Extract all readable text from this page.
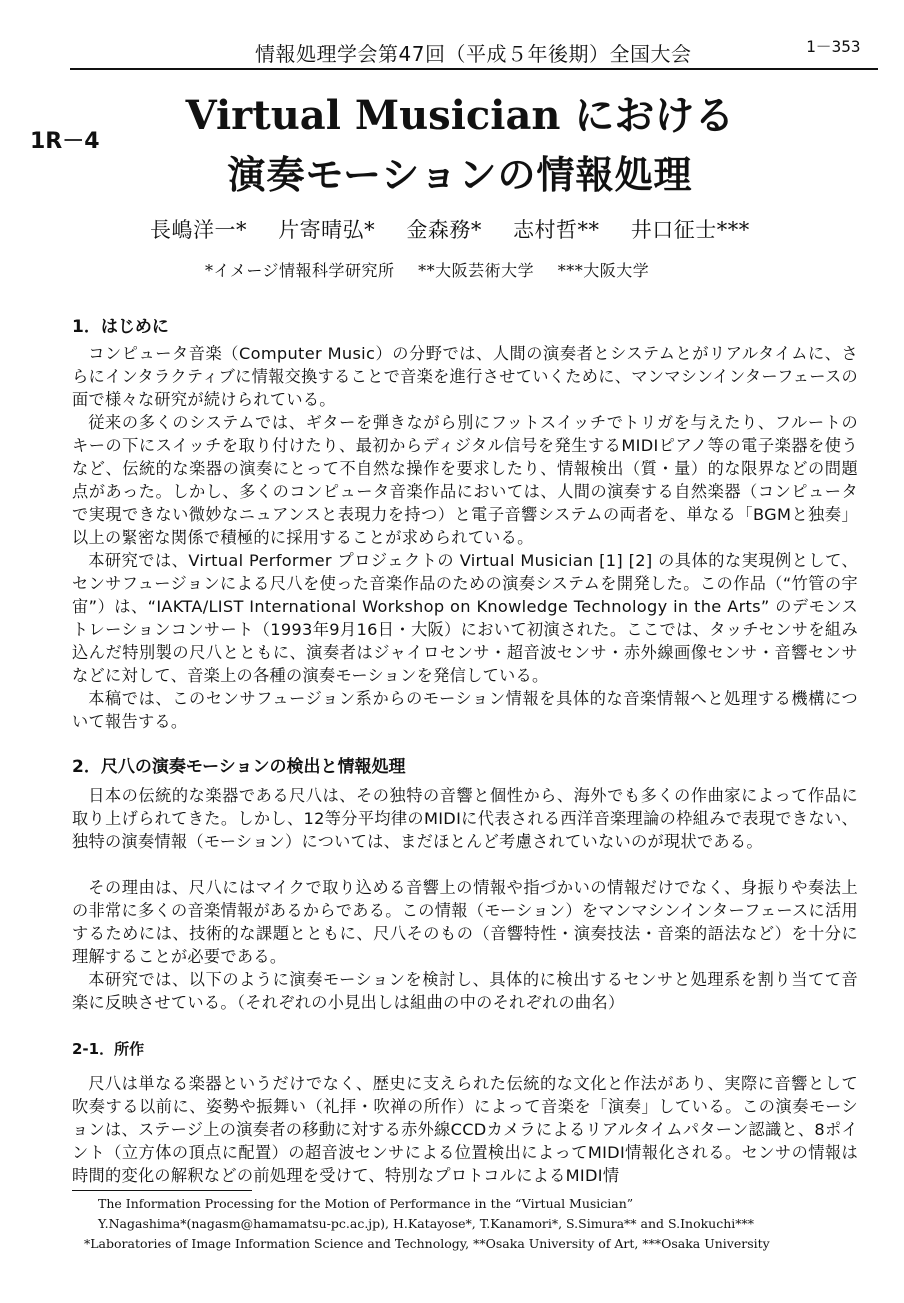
情報処理学会第47回（平成５年後期）全国大会	1－353
1R－4
Virtual Musician における
演奏モーションの情報処理
長嶋洋一* 片寄晴弘* 金森務* 志村哲** 井口征士***
*イメージ情報科学研究所 **大阪芸術大学 ***大阪大学
1．はじめに

コンピュータ音楽（Computer Music）の分野では、人間の演奏者とシステムとがリアルタイムに、さらにインタラクティブに情報交換することで音楽を進行させていくために、マンマシンインターフェースの面で様々な研究が続けられている。

従来の多くのシステムでは、ギターを弾きながら別にフットスイッチでトリガを与えたり、フルートのキーの下にスイッチを取り付けたり、最初からディジタル信号を発生するMIDIピアノ等の電子楽器を使うなど、伝統的な楽器の演奏にとって不自然な操作を要求したり、情報検出（質・量）的な限界などの問題点があった。しかし、多くのコンピュータ音楽作品においては、人間の演奏する自然楽器（コンピュータで実現できない微妙なニュアンスと表現力を持つ）と電子音響システムの両者を、単なる「BGMと独奏」以上の緊密な関係で積極的に採用することが求められている。

本研究では、Virtual Performer プロジェクトの Virtual Musician [1] [2] の具体的な実現例として、センサフュージョンによる尺八を使った音楽作品のための演奏システムを開発した。この作品（“竹管の宇宙”）は、“IAKTA/LIST International Workshop on Knowledge Technology in the Arts” のデモンストレーションコンサート（1993年9月16日・大阪）において初演された。ここでは、タッチセンサを組み込んだ特別製の尺八とともに、演奏者はジャイロセンサ・超音波センサ・赤外線画像センサ・音響センサなどに対して、音楽上の各種の演奏モーションを発信している。

本稿では、このセンサフュージョン系からのモーション情報を具体的な音楽情報へと処理する機構について報告する。

2．尺八の演奏モーションの検出と情報処理

日本の伝統的な楽器である尺八は、その独特の音響と個性から、海外でも多くの作曲家によって作品に取り上げられてきた。しかし、12等分平均律のMIDIに代表される西洋音楽理論の枠組みで表現できない、独特の演奏情報（モーション）については、まだほとんど考慮されていないのが現状である。

その理由は、尺八にはマイクで取り込める音響上の情報や指づかいの情報だけでなく、身振りや奏法上の非常に多くの音楽情報があるからである。この情報（モーション）をマンマシンインターフェースに活用するためには、技術的な課題とともに、尺八そのもの（音響特性・演奏技法・音楽的語法など）を十分に理解することが必要である。

本研究では、以下のように演奏モーションを検討し、具体的に検出するセンサと処理系を割り当てて音楽に反映させている。（それぞれの小見出しは組曲の中のそれぞれの曲名）

2-1．所作

尺八は単なる楽器というだけでなく、歴史に支えられた伝統的な文化と作法があり、実際に音響として吹奏する以前に、姿勢や振舞い（礼拝・吹禅の所作）によって音楽を「演奏」している。この演奏モーションは、ステージ上の演奏者の移動に対する赤外線CCDカメラによるリアルタイムパターン認識と、8ポイント（立方体の頂点に配置）の超音波センサによる位置検出によってMIDI情報化される。センサの情報は時間的変化の解釈などの前処理を受けて、特別なプロトコルによるMIDI情

The Information Processing for the Motion of Performance in the “Virtual Musician”
Y.Nagashima*(nagasm@hamamatsu-pc.ac.jp), H.Katayose*, T.Kanamori*, S.Simura** and S.Inokuchi***
*Laboratories of Image Information Science and Technology, **Osaka University of Art, ***Osaka University
